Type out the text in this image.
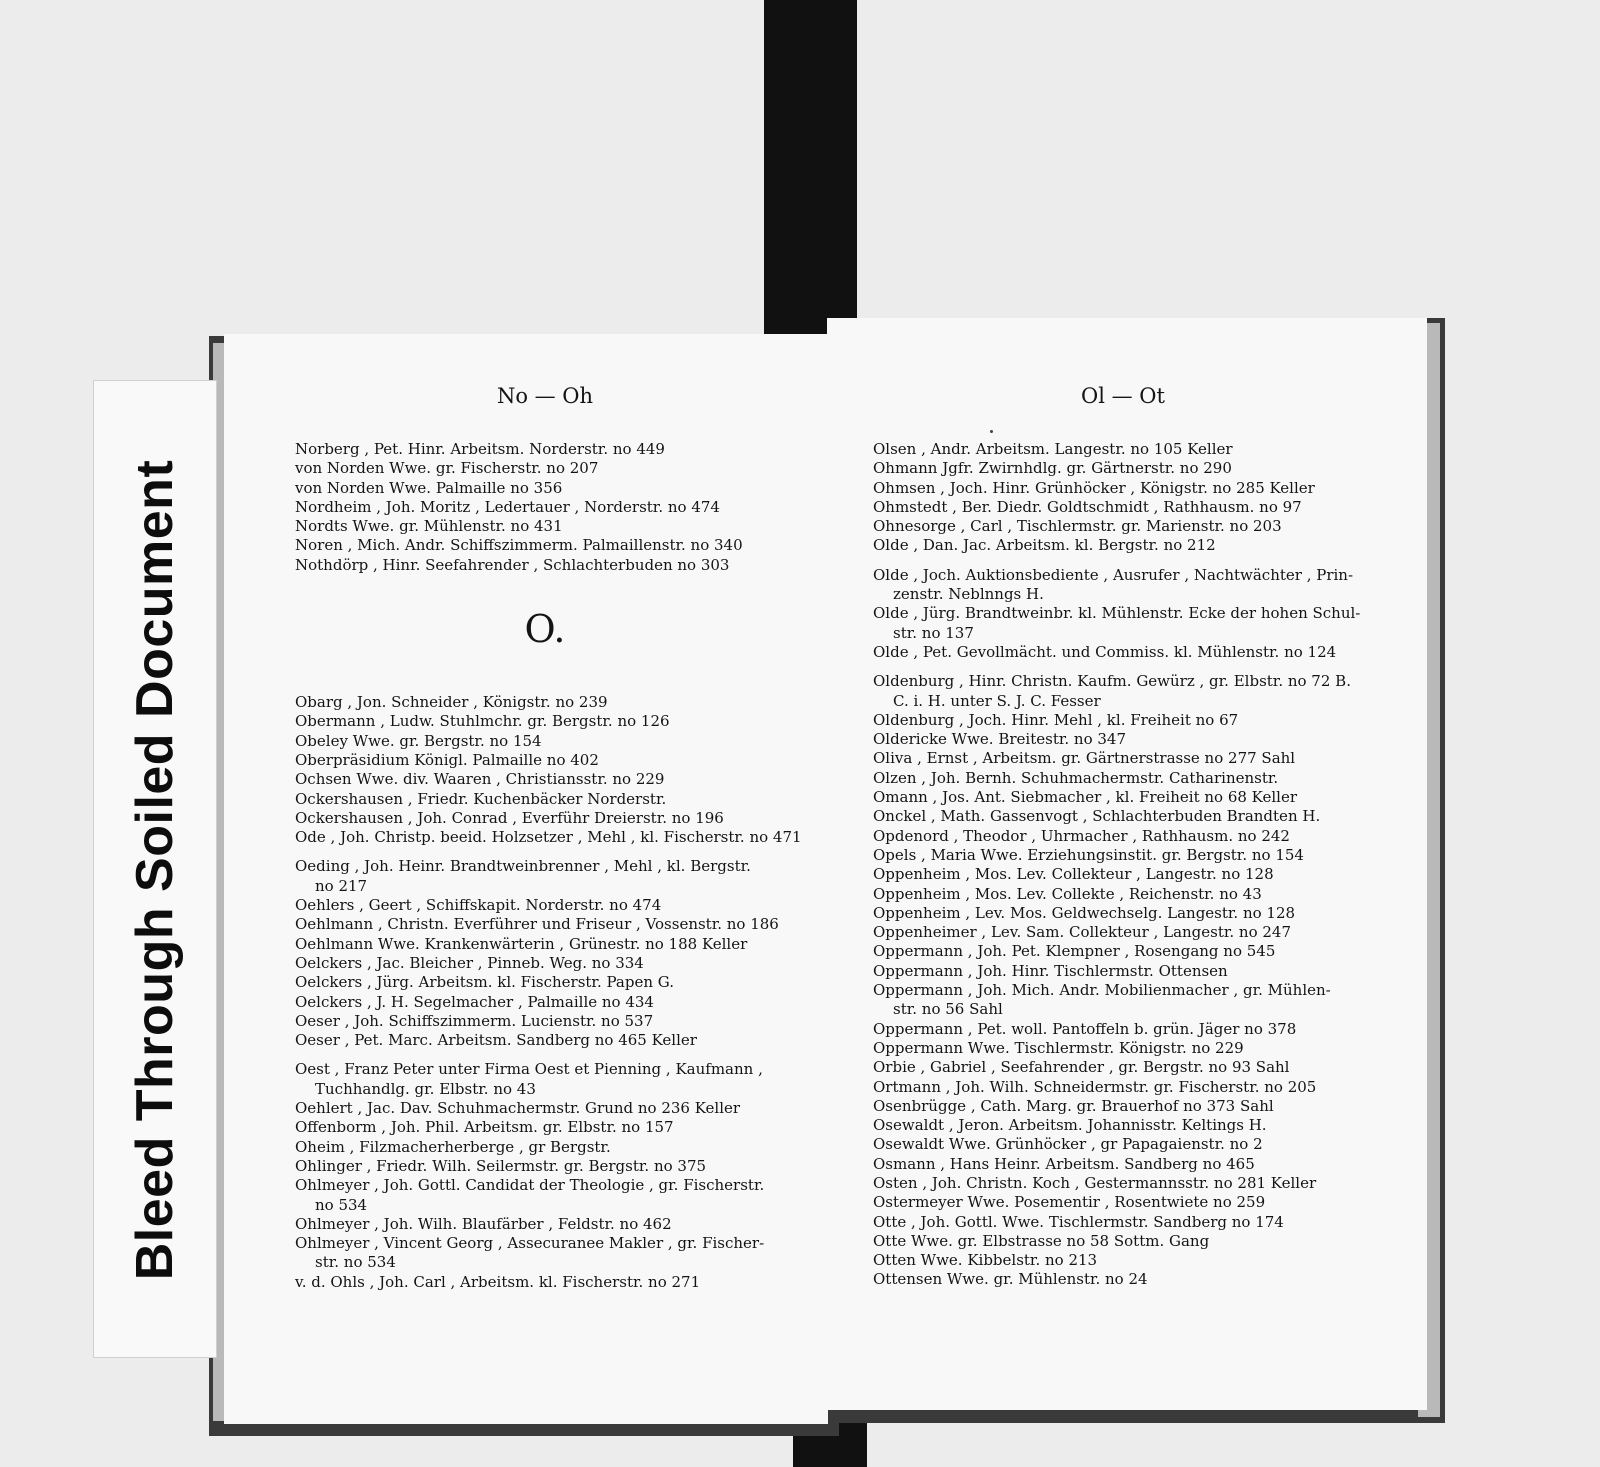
Bleed Through Soiled Document
No — Oh
Norberg , Pet. Hinr. Arbeitsm. Norderstr. no 449
von Norden Wwe. gr. Fischerstr. no 207
von Norden Wwe. Palmaille no 356
Nordheim , Joh. Moritz , Ledertauer , Norderstr. no 474
Nordts Wwe. gr. Mühlenstr. no 431
Noren , Mich. Andr. Schiffszimmerm. Palmaillenstr. no 340
Nothdörp , Hinr. Seefahrender , Schlachterbuden no 303
O.
Obarg , Jon. Schneider , Königstr. no 239
Obermann , Ludw. Stuhlmchr. gr. Bergstr. no 126
Obeley Wwe. gr. Bergstr. no 154
Oberpräsidium Königl. Palmaille no 402
Ochsen Wwe. div. Waaren , Christiansstr. no 229
Ockershausen , Friedr. Kuchenbäcker Norderstr.
Ockershausen , Joh. Conrad , Everführ Dreierstr. no 196
Ode , Joh. Christp. beeid. Holzsetzer , Mehl , kl. Fischerstr. no 471
Oeding , Joh. Heinr. Brandtweinbrenner , Mehl , kl. Bergstr.
no 217
Oehlers , Geert , Schiffskapit. Norderstr. no 474
Oehlmann , Christn. Everführer und Friseur , Vossenstr. no 186
Oehlmann Wwe. Krankenwärterin , Grünestr. no 188 Keller
Oelckers , Jac. Bleicher , Pinneb. Weg. no 334
Oelckers , Jürg. Arbeitsm. kl. Fischerstr. Papen G.
Oelckers , J. H. Segelmacher , Palmaille no 434
Oeser , Joh. Schiffszimmerm. Lucienstr. no 537
Oeser , Pet. Marc. Arbeitsm. Sandberg no 465 Keller
Oest , Franz Peter unter Firma Oest et Pienning , Kaufmann ,
Tuchhandlg. gr. Elbstr. no 43
Oehlert , Jac. Dav. Schuhmachermstr. Grund no 236 Keller
Offenborm , Joh. Phil. Arbeitsm. gr. Elbstr. no 157
Oheim , Filzmacherherberge , gr Bergstr.
Ohlinger , Friedr. Wilh. Seilermstr. gr. Bergstr. no 375
Ohlmeyer , Joh. Gottl. Candidat der Theologie , gr. Fischerstr.
no 534
Ohlmeyer , Joh. Wilh. Blaufärber , Feldstr. no 462
Ohlmeyer , Vincent Georg , Assecuranee Makler , gr. Fischer-
str. no 534
v. d. Ohls , Joh. Carl , Arbeitsm. kl. Fischerstr. no 271
Ol — Ot
Olsen , Andr. Arbeitsm. Langestr. no 105 Keller
Ohmann Jgfr. Zwirnhdlg. gr. Gärtnerstr. no 290
Ohmsen , Joch. Hinr. Grünhöcker , Königstr. no 285 Keller
Ohmstedt , Ber. Diedr. Goldtschmidt , Rathhausm. no 97
Ohnesorge , Carl , Tischlermstr. gr. Marienstr. no 203
Olde , Dan. Jac. Arbeitsm. kl. Bergstr. no 212
Olde , Joch. Auktionsbediente , Ausrufer , Nachtwächter , Prin-
zenstr. Neblnngs H.
Olde , Jürg. Brandtweinbr. kl. Mühlenstr. Ecke der hohen Schul-
str. no 137
Olde , Pet. Gevollmächt. und Commiss. kl. Mühlenstr. no 124
Oldenburg , Hinr. Christn. Kaufm. Gewürz , gr. Elbstr. no 72 B.
C. i. H. unter S. J. C. Fesser
Oldenburg , Joch. Hinr. Mehl , kl. Freiheit no 67
Oldericke Wwe. Breitestr. no 347
Oliva , Ernst , Arbeitsm. gr. Gärtnerstrasse no 277 Sahl
Olzen , Joh. Bernh. Schuhmachermstr. Catharinenstr.
Omann , Jos. Ant. Siebmacher , kl. Freiheit no 68 Keller
Onckel , Math. Gassenvogt , Schlachterbuden Brandten H.
Opdenord , Theodor , Uhrmacher , Rathhausm. no 242
Opels , Maria Wwe. Erziehungsinstit. gr. Bergstr. no 154
Oppenheim , Mos. Lev. Collekteur , Langestr. no 128
Oppenheim , Mos. Lev. Collekte , Reichenstr. no 43
Oppenheim , Lev. Mos. Geldwechselg. Langestr. no 128
Oppenheimer , Lev. Sam. Collekteur , Langestr. no 247
Oppermann , Joh. Pet. Klempner , Rosengang no 545
Oppermann , Joh. Hinr. Tischlermstr. Ottensen
Oppermann , Joh. Mich. Andr. Mobilienmacher , gr. Mühlen-
str. no 56 Sahl
Oppermann , Pet. woll. Pantoffeln b. grün. Jäger no 378
Oppermann Wwe. Tischlermstr. Königstr. no 229
Orbie , Gabriel , Seefahrender , gr. Bergstr. no 93 Sahl
Ortmann , Joh. Wilh. Schneidermstr. gr. Fischerstr. no 205
Osenbrügge , Cath. Marg. gr. Brauerhof no 373 Sahl
Osewaldt , Jeron. Arbeitsm. Johannisstr. Keltings H.
Osewaldt Wwe. Grünhöcker , gr Papagaienstr. no 2
Osmann , Hans Heinr. Arbeitsm. Sandberg no 465
Osten , Joh. Christn. Koch , Gestermannsstr. no 281 Keller
Ostermeyer Wwe. Posementir , Rosentwiete no 259
Otte , Joh. Gottl. Wwe. Tischlermstr. Sandberg no 174
Otte Wwe. gr. Elbstrasse no 58 Sottm. Gang
Otten Wwe. Kibbelstr. no 213
Ottensen Wwe. gr. Mühlenstr. no 24
